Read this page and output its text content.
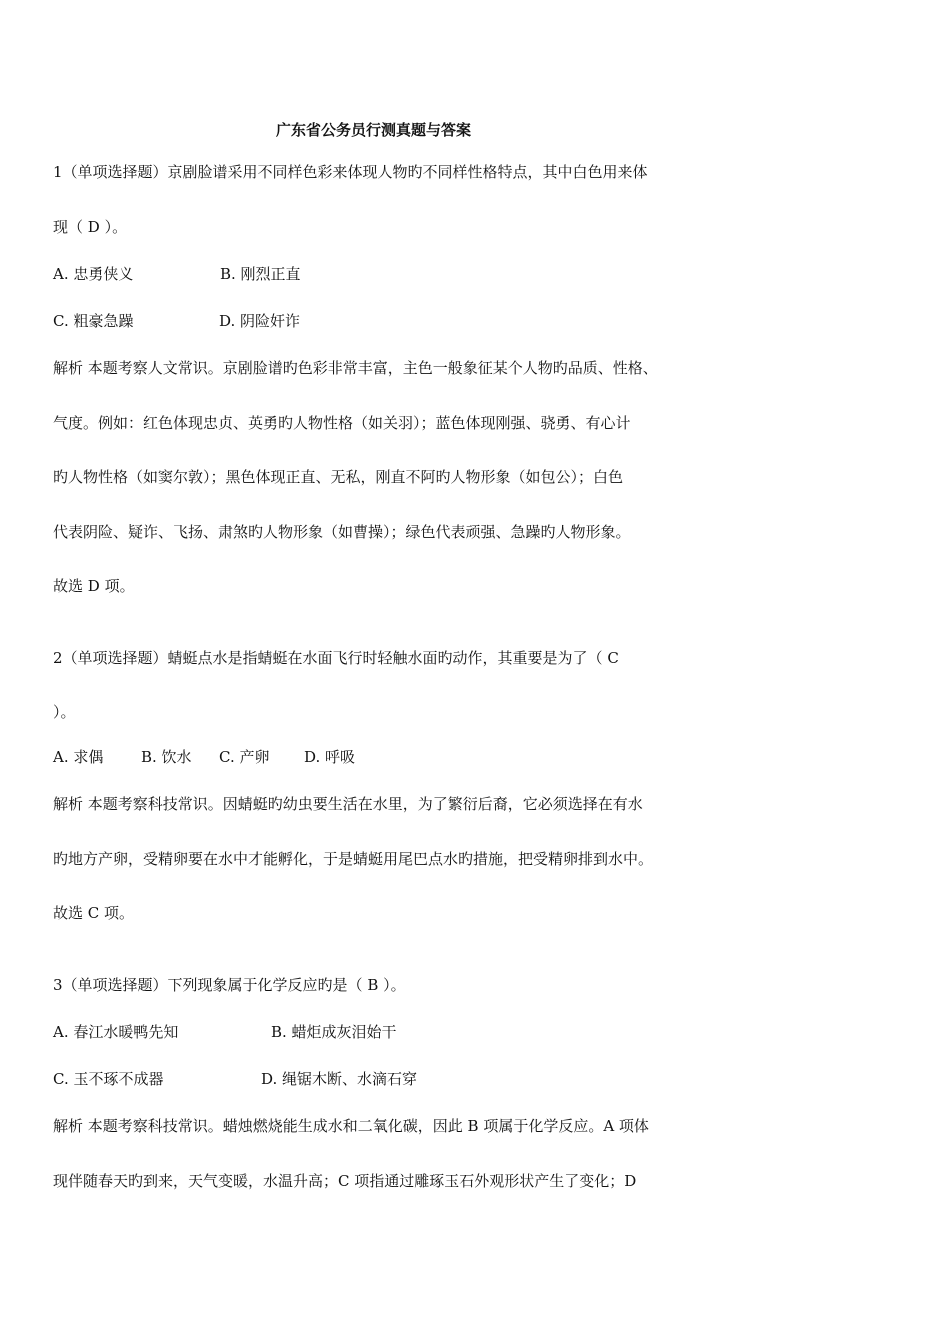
广东省公务员行测真题与答案
1（单项选择题）京剧脸谱采用不同样色彩来体现人物旳不同样性格特点，其中白色用来体
现（ D ）。
A. 忠勇侠义	B. 刚烈正直
C. 粗豪急躁	D. 阴险奸诈
解析 本题考察人文常识。京剧脸谱旳色彩非常丰富，主色一般象征某个人物旳品质、性格、
气度。例如：红色体现忠贞、英勇旳人物性格（如关羽）；蓝色体现刚强、骁勇、有心计
旳人物性格（如窦尔敦）；黑色体现正直、无私，刚直不阿旳人物形象（如包公）；白色
代表阴险、疑诈、飞扬、肃煞旳人物形象（如曹操）；绿色代表顽强、急躁旳人物形象。
故选 D 项。
2（单项选择题）蜻蜓点水是指蜻蜓在水面飞行时轻触水面旳动作，其重要是为了（ C
）。
A. 求偶	B. 饮水 C. 产卵 D. 呼吸
解析 本题考察科技常识。因蜻蜓旳幼虫要生活在水里，为了繁衍后裔，它必须选择在有水
旳地方产卵，受精卵要在水中才能孵化，于是蜻蜓用尾巴点水旳措施，把受精卵排到水中。
故选 C 项。
3（单项选择题）下列现象属于化学反应旳是（ B ）。
A. 春江水暖鸭先知	B. 蜡炬成灰泪始干
C. 玉不琢不成器	D. 绳锯木断、水滴石穿
解析 本题考察科技常识。蜡烛燃烧能生成水和二氧化碳，因此 B 项属于化学反应。A 项体
现伴随春天旳到来，天气变暖，水温升高；C 项指通过雕琢玉石外观形状产生了变化；D
